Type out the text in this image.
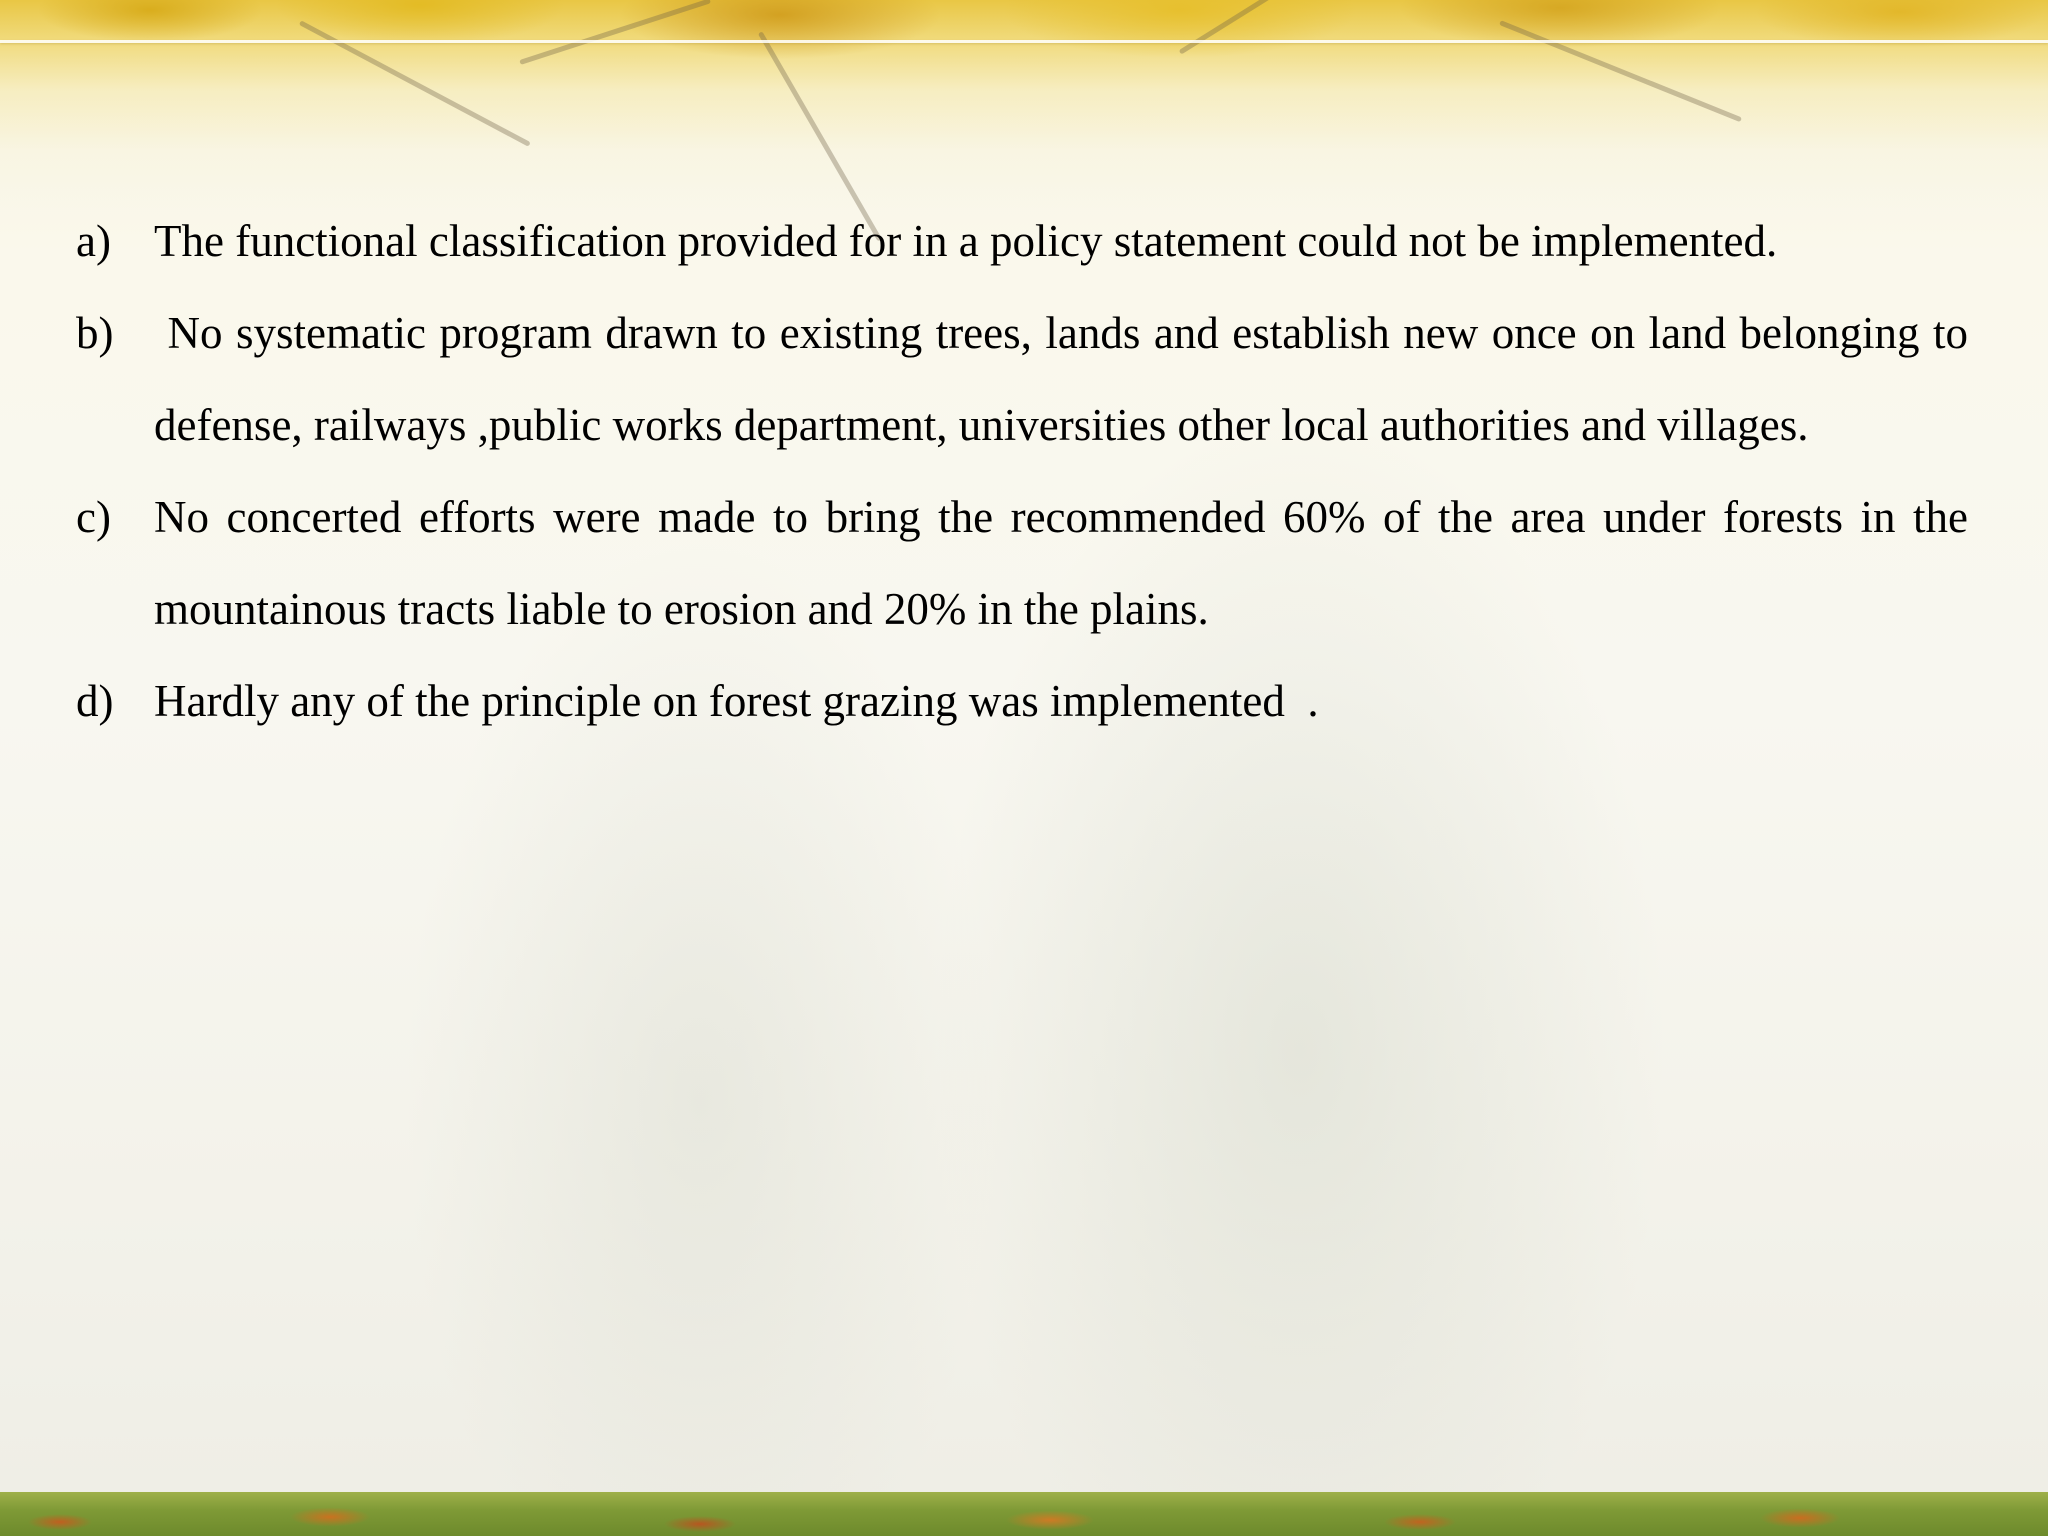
a) The functional classification provided for in a policy statement could not be implemented.
b) No systematic program drawn to existing trees, lands and establish new once on land belonging to defense, railways ,public works department, universities other local authorities and villages.
c) No concerted efforts were made to bring the recommended 60% of the area under forests in the mountainous tracts liable to erosion and 20% in the plains.
d) Hardly any of the principle on forest grazing was implemented  .
